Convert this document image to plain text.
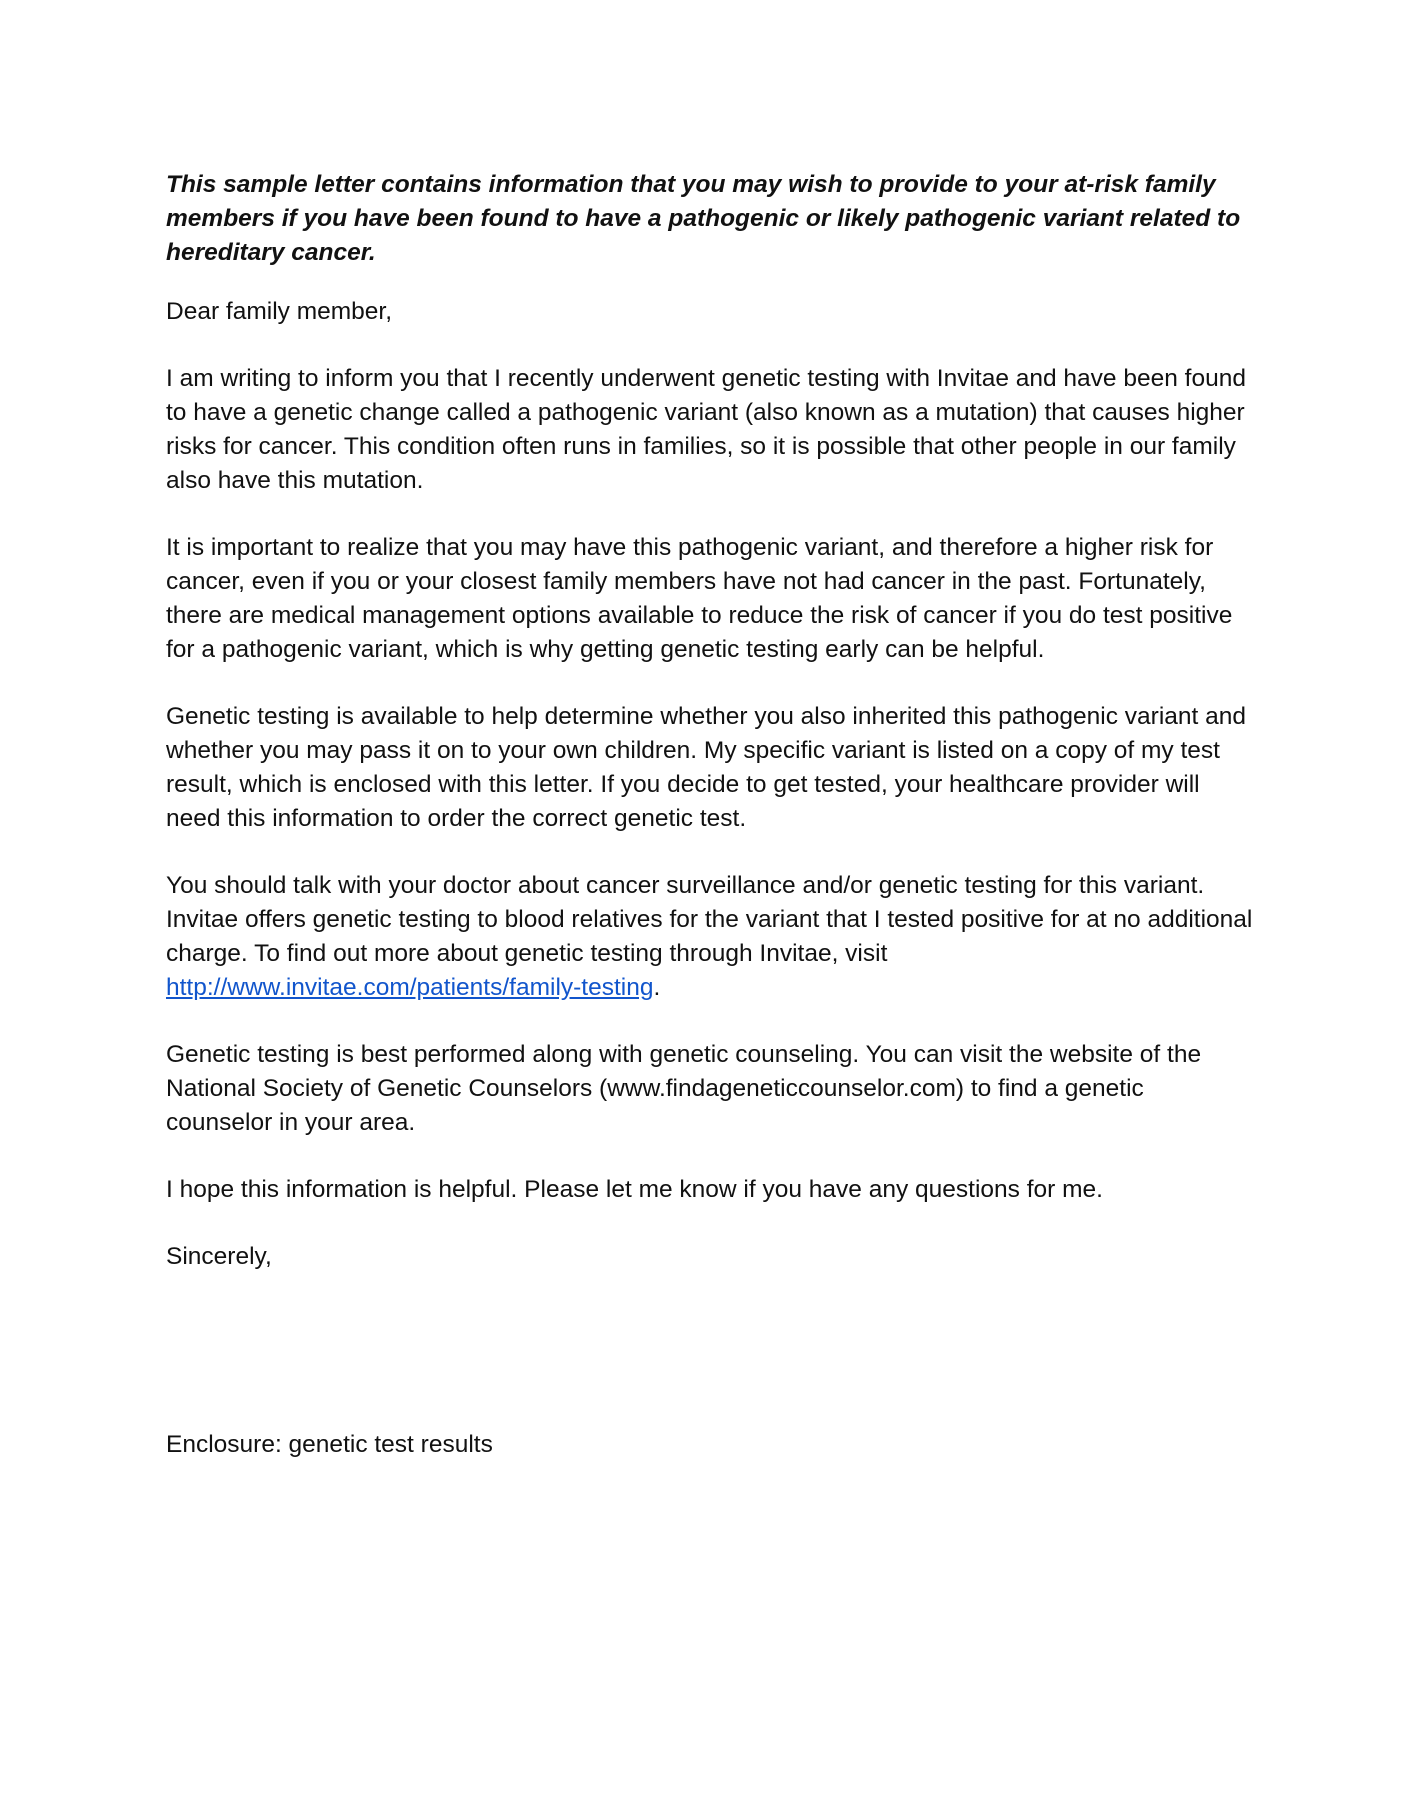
This sample letter contains information that you may wish to provide to your at-risk family members if you have been found to have a pathogenic or likely pathogenic variant related to hereditary cancer.

Dear family member,

I am writing to inform you that I recently underwent genetic testing with Invitae and have been found to have a genetic change called a pathogenic variant (also known as a mutation) that causes higher risks for cancer. This condition often runs in families, so it is possible that other people in our family also have this mutation.

It is important to realize that you may have this pathogenic variant, and therefore a higher risk for cancer, even if you or your closest family members have not had cancer in the past. Fortunately, there are medical management options available to reduce the risk of cancer if you do test positive for a pathogenic variant, which is why getting genetic testing early can be helpful.

Genetic testing is available to help determine whether you also inherited this pathogenic variant and whether you may pass it on to your own children. My specific variant is listed on a copy of my test result, which is enclosed with this letter. If you decide to get tested, your healthcare provider will need this information to order the correct genetic test.

You should talk with your doctor about cancer surveillance and/or genetic testing for this variant. Invitae offers genetic testing to blood relatives for the variant that I tested positive for at no additional charge. To find out more about genetic testing through Invitae, visit http://www.invitae.com/patients/family-testing.

Genetic testing is best performed along with genetic counseling. You can visit the website of the National Society of Genetic Counselors (www.findageneticcounselor.com) to find a genetic counselor in your area.

I hope this information is helpful. Please let me know if you have any questions for me.

Sincerely,

Enclosure: genetic test results
